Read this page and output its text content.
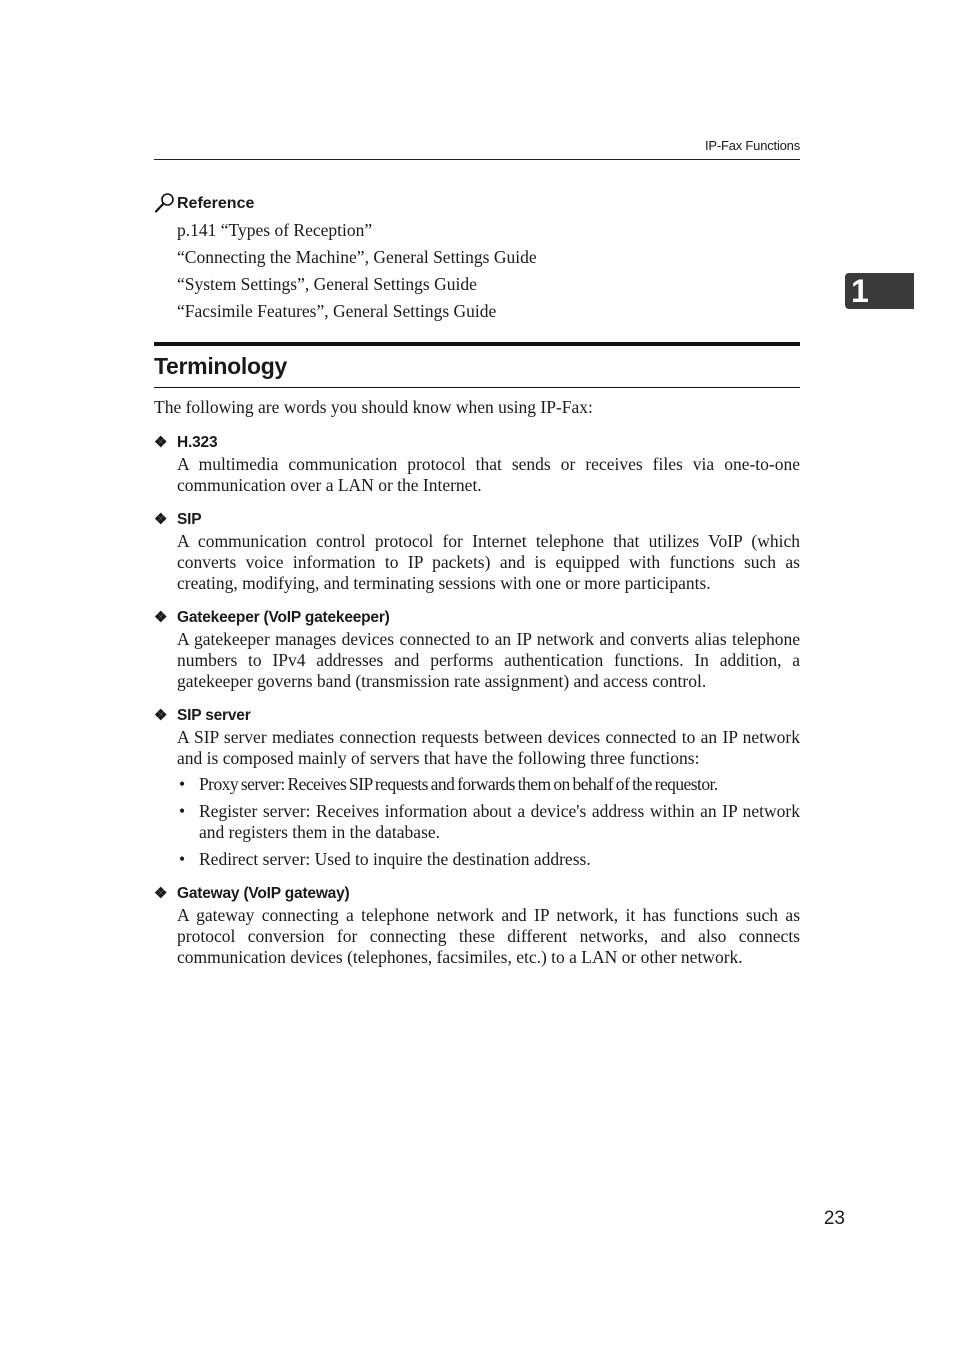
IP-Fax Functions
1
Reference
p.141 “Types of Reception”
“Connecting the Machine”, General Settings Guide
“System Settings”, General Settings Guide
“Facsimile Features”, General Settings Guide
Terminology

The following are words you should know when using IP-Fax:

❖ H.323

A multimedia communication protocol that sends or receives files via one-to-one communication over a LAN or the Internet.

❖ SIP

A communication control protocol for Internet telephone that utilizes VoIP (which converts voice information to IP packets) and is equipped with functions such as creating, modifying, and terminating sessions with one or more participants.

❖ Gatekeeper (VoIP gatekeeper)

A gatekeeper manages devices connected to an IP network and converts alias telephone numbers to IPv4 addresses and performs authentication functions. In addition, a gatekeeper governs band (transmission rate assignment) and access control.

❖ SIP server

A SIP server mediates connection requests between devices connected to an IP network and is composed mainly of servers that have the following three functions:

• Proxy server: Receives SIP requests and forwards them on behalf of the requestor.
• Register server: Receives information about a device's address within an IP network and registers them in the database.
• Redirect server: Used to inquire the destination address.
❖ Gateway (VoIP gateway)

A gateway connecting a telephone network and IP network, it has functions such as protocol conversion for connecting these different networks, and also connects communication devices (telephones, facsimiles, etc.) to a LAN or other network.

23
